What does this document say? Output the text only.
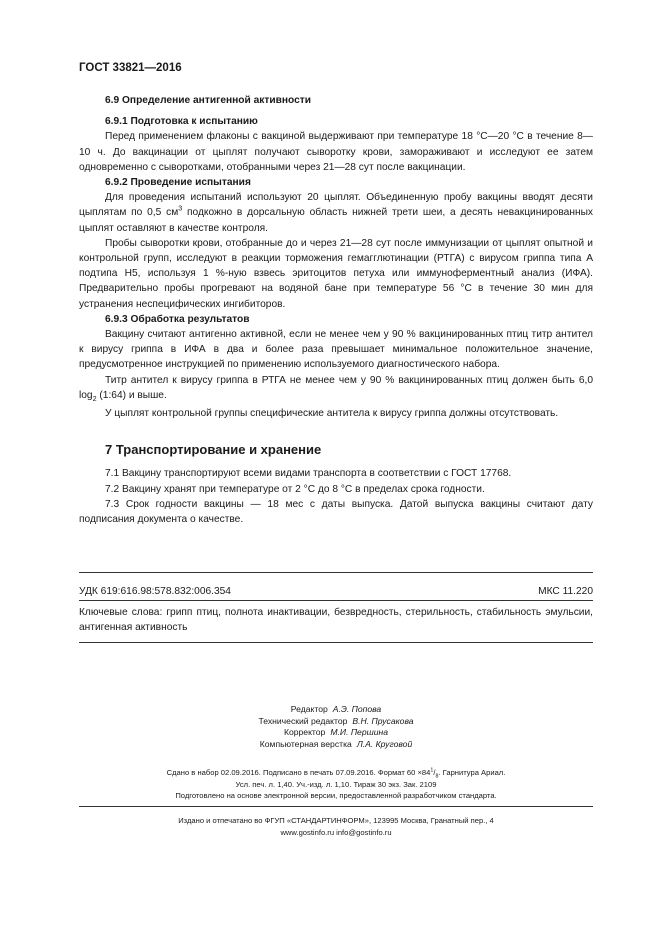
ГОСТ 33821—2016

6.9 Определение антигенной активности

6.9.1 Подготовка к испытанию

Перед применением флаконы с вакциной выдерживают при температуре 18 °С—20 °С в течение 8—10 ч. До вакцинации от цыплят получают сыворотку крови, замораживают и исследуют ее затем одновременно с сыворотками, отобранными через 21—28 сут после вакцинации.

6.9.2 Проведение испытания

Для проведения испытаний используют 20 цыплят. Объединенную пробу вакцины вводят десяти цыплятам по 0,5 $см^3$ подкожно в дорсальную область нижней трети шеи, а десять невакцинированных цыплят оставляют в качестве контроля.

Пробы сыворотки крови, отобранные до и через 21—28 сут после иммунизации от цыплят опытной и контрольной групп, исследуют в реакции торможения гемагглютинации (РТГА) с вирусом гриппа типа А подтипа Н5, используя 1 %-ную взвесь эритоцитов петуха или иммуноферментный анализ (ИФА). Предварительно пробы прогревают на водяной бане при температуре 56 °С в течение 30 мин для устранения неспецифических ингибиторов.

6.9.3 Обработка результатов

Вакцину считают антигенно активной, если не менее чем у 90 % вакцинированных птиц титр антител к вирусу гриппа в ИФА в два и более раза превышает минимальное положительное значение, предусмотренное инструкцией по применению используемого диагностического набора.

Титр антител к вирусу гриппа в РТГА не менее чем у 90 % вакцинированных птиц должен быть 6,0 $\log_2$ (1:64) и выше.

У цыплят контрольной группы специфические антитела к вирусу гриппа должны отсутствовать.

7 Транспортирование и хранение

7.1 Вакцину транспортируют всеми видами транспорта в соответствии с ГОСТ 17768.

7.2 Вакцину хранят при температуре от 2 °С до 8 °С в пределах срока годности.

7.3 Срок годности вакцины — 18 мес с даты выпуска. Датой выпуска вакцины считают дату подписания документа о качестве.

УДК 619:616.98:578.832:006.354	МКС 11.220
Ключевые слова: грипп птиц, полнота инактивации, безвредность, стерильность, стабильность эмульсии, антигенная активность
Редактор А.Э. Попова
Технический редактор В.Н. Прусакова
Корректор М.И. Першина
Компьютерная верстка Л.А. Круговой
Сдано в набор 02.09.2016. Подписано в печать 07.09.2016. Формат $60 \times 84^1/_8$. Гарнитура Ариал.
Усл. печ. л. 1,40. Уч.-изд. л. 1,10. Тираж 30 экз. Зак. 2109
Подготовлено на основе электронной версии, предоставленной разработчиком стандарта.
Издано и отпечатано во ФГУП «СТАНДАРТИНФОРМ», 123995 Москва, Гранатный пер., 4
www.gostinfo.ru info@gostinfo.ru
